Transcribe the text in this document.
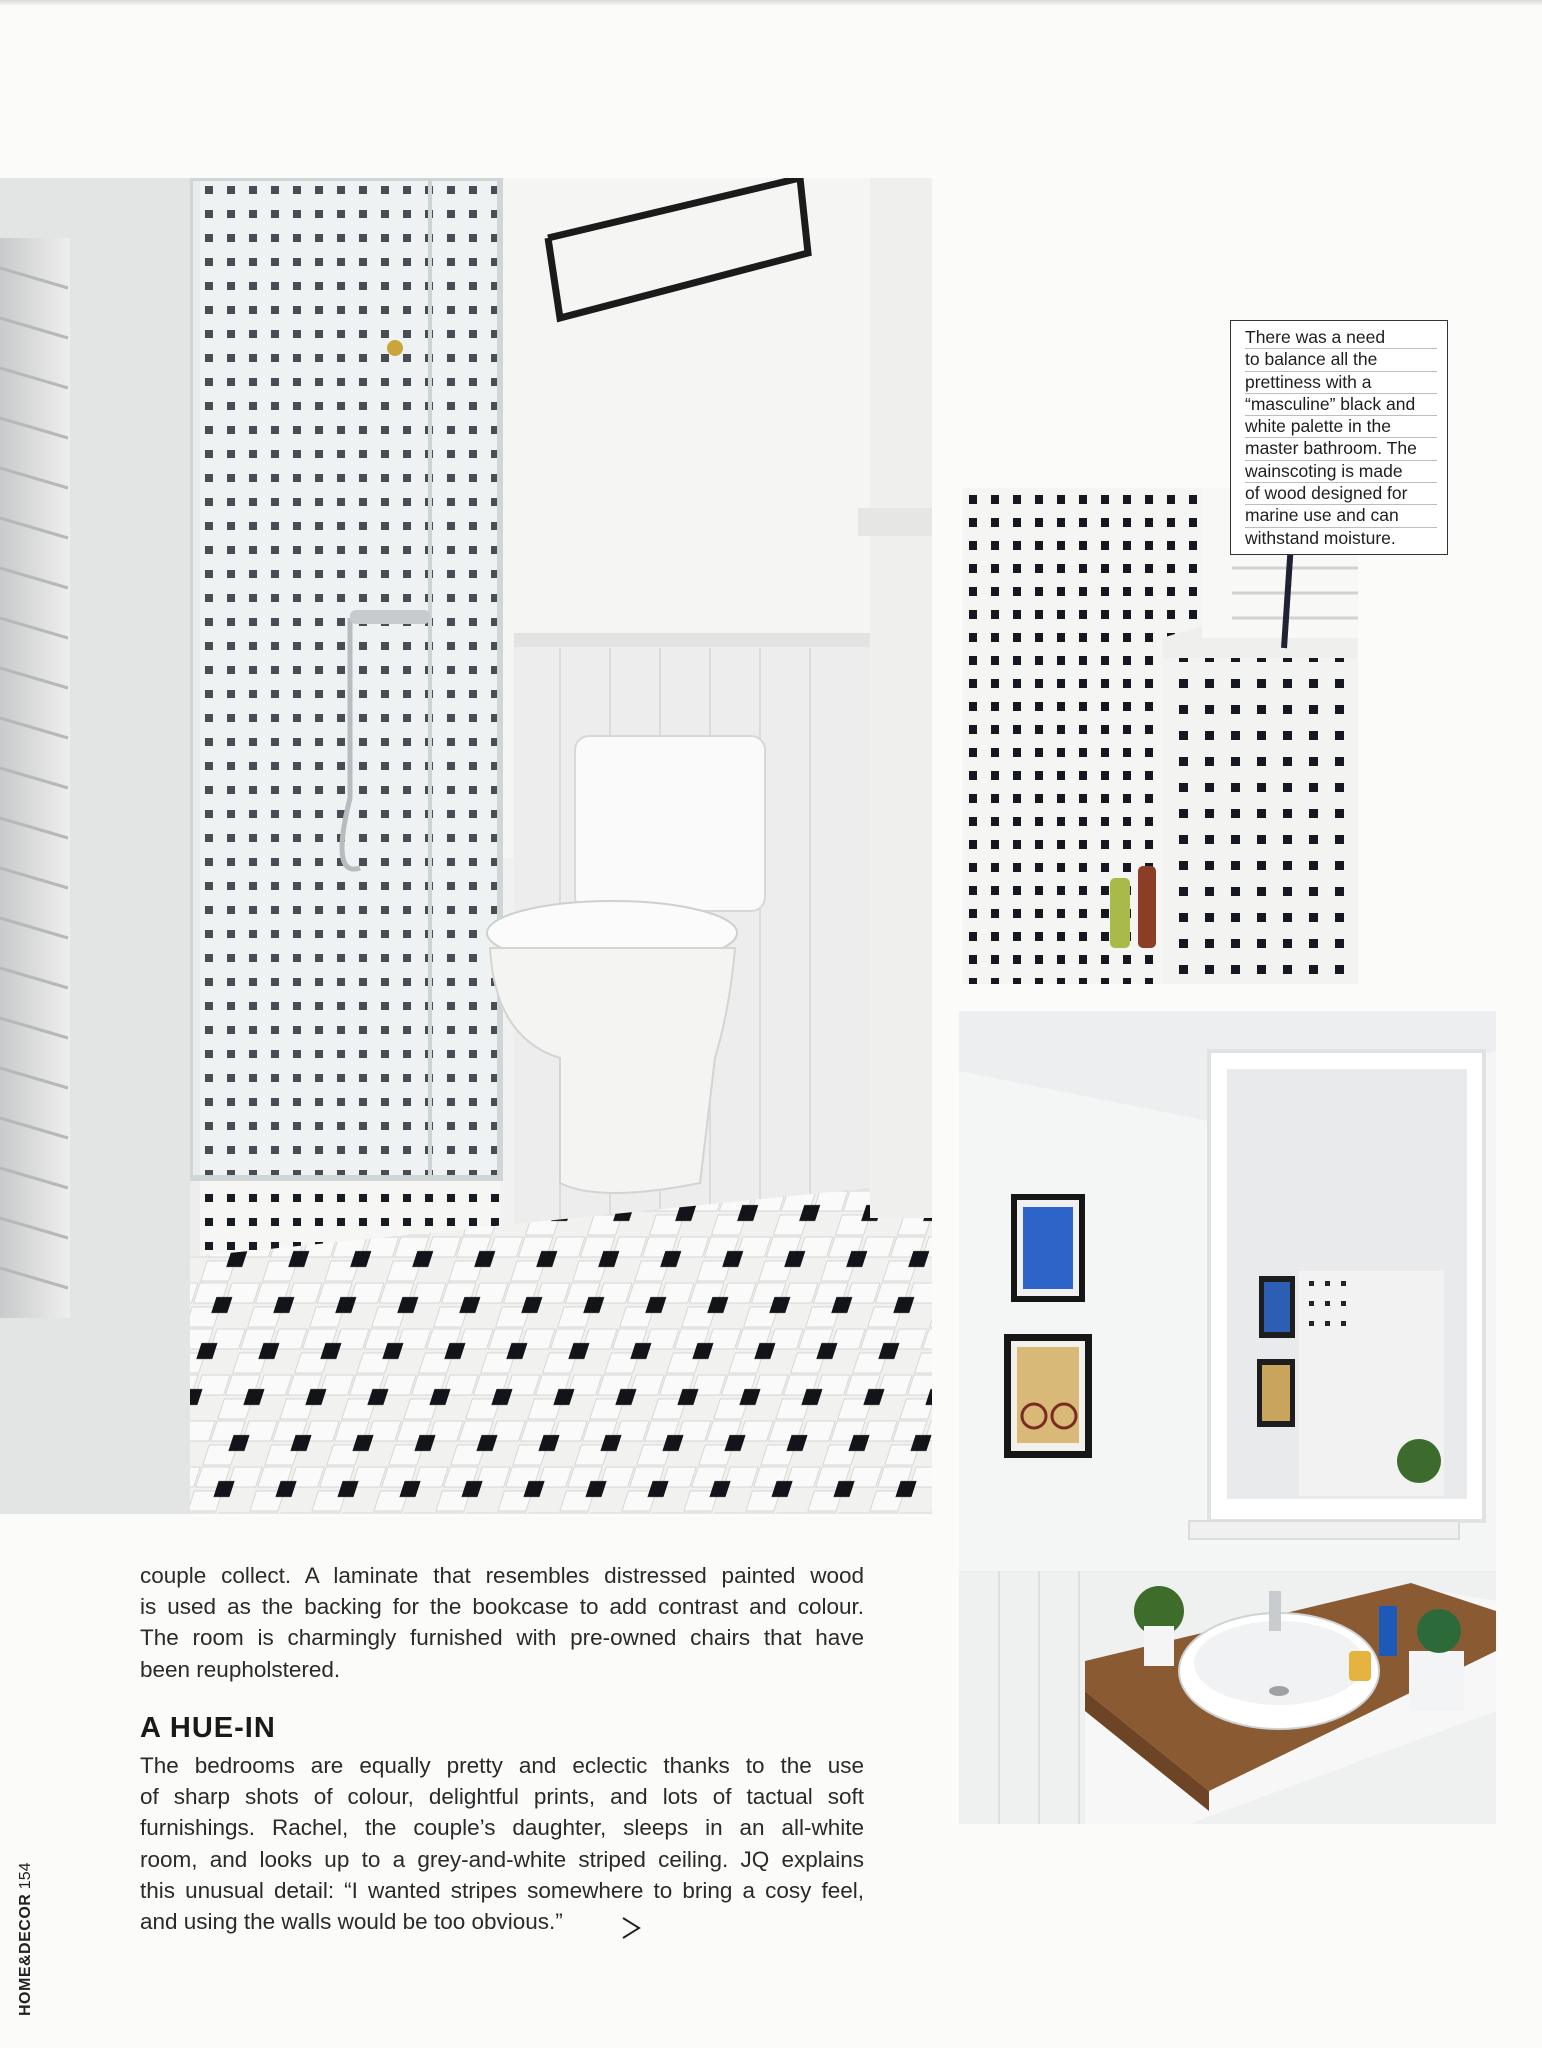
There was a need
to balance all the
prettiness with a
“masculine” black and
white palette in the
master bathroom. The
wainscoting is made
of wood designed for
marine use and can
withstand moisture.
couple collect. A laminate that resembles distressed painted wood
is used as the backing for the bookcase to add contrast and colour.
The room is charmingly furnished with pre-owned chairs that have
been reupholstered.
A HUE-IN
The bedrooms are equally pretty and eclectic thanks to the use
of sharp shots of colour, delightful prints, and lots of tactual soft
furnishings. Rachel, the couple’s daughter, sleeps in an all-white
room, and looks up to a grey-and-white striped ceiling. JQ explains
this unusual detail: “I wanted stripes somewhere to bring a cosy feel,
and using the walls would be too obvious.”
HOME&DECOR 154
